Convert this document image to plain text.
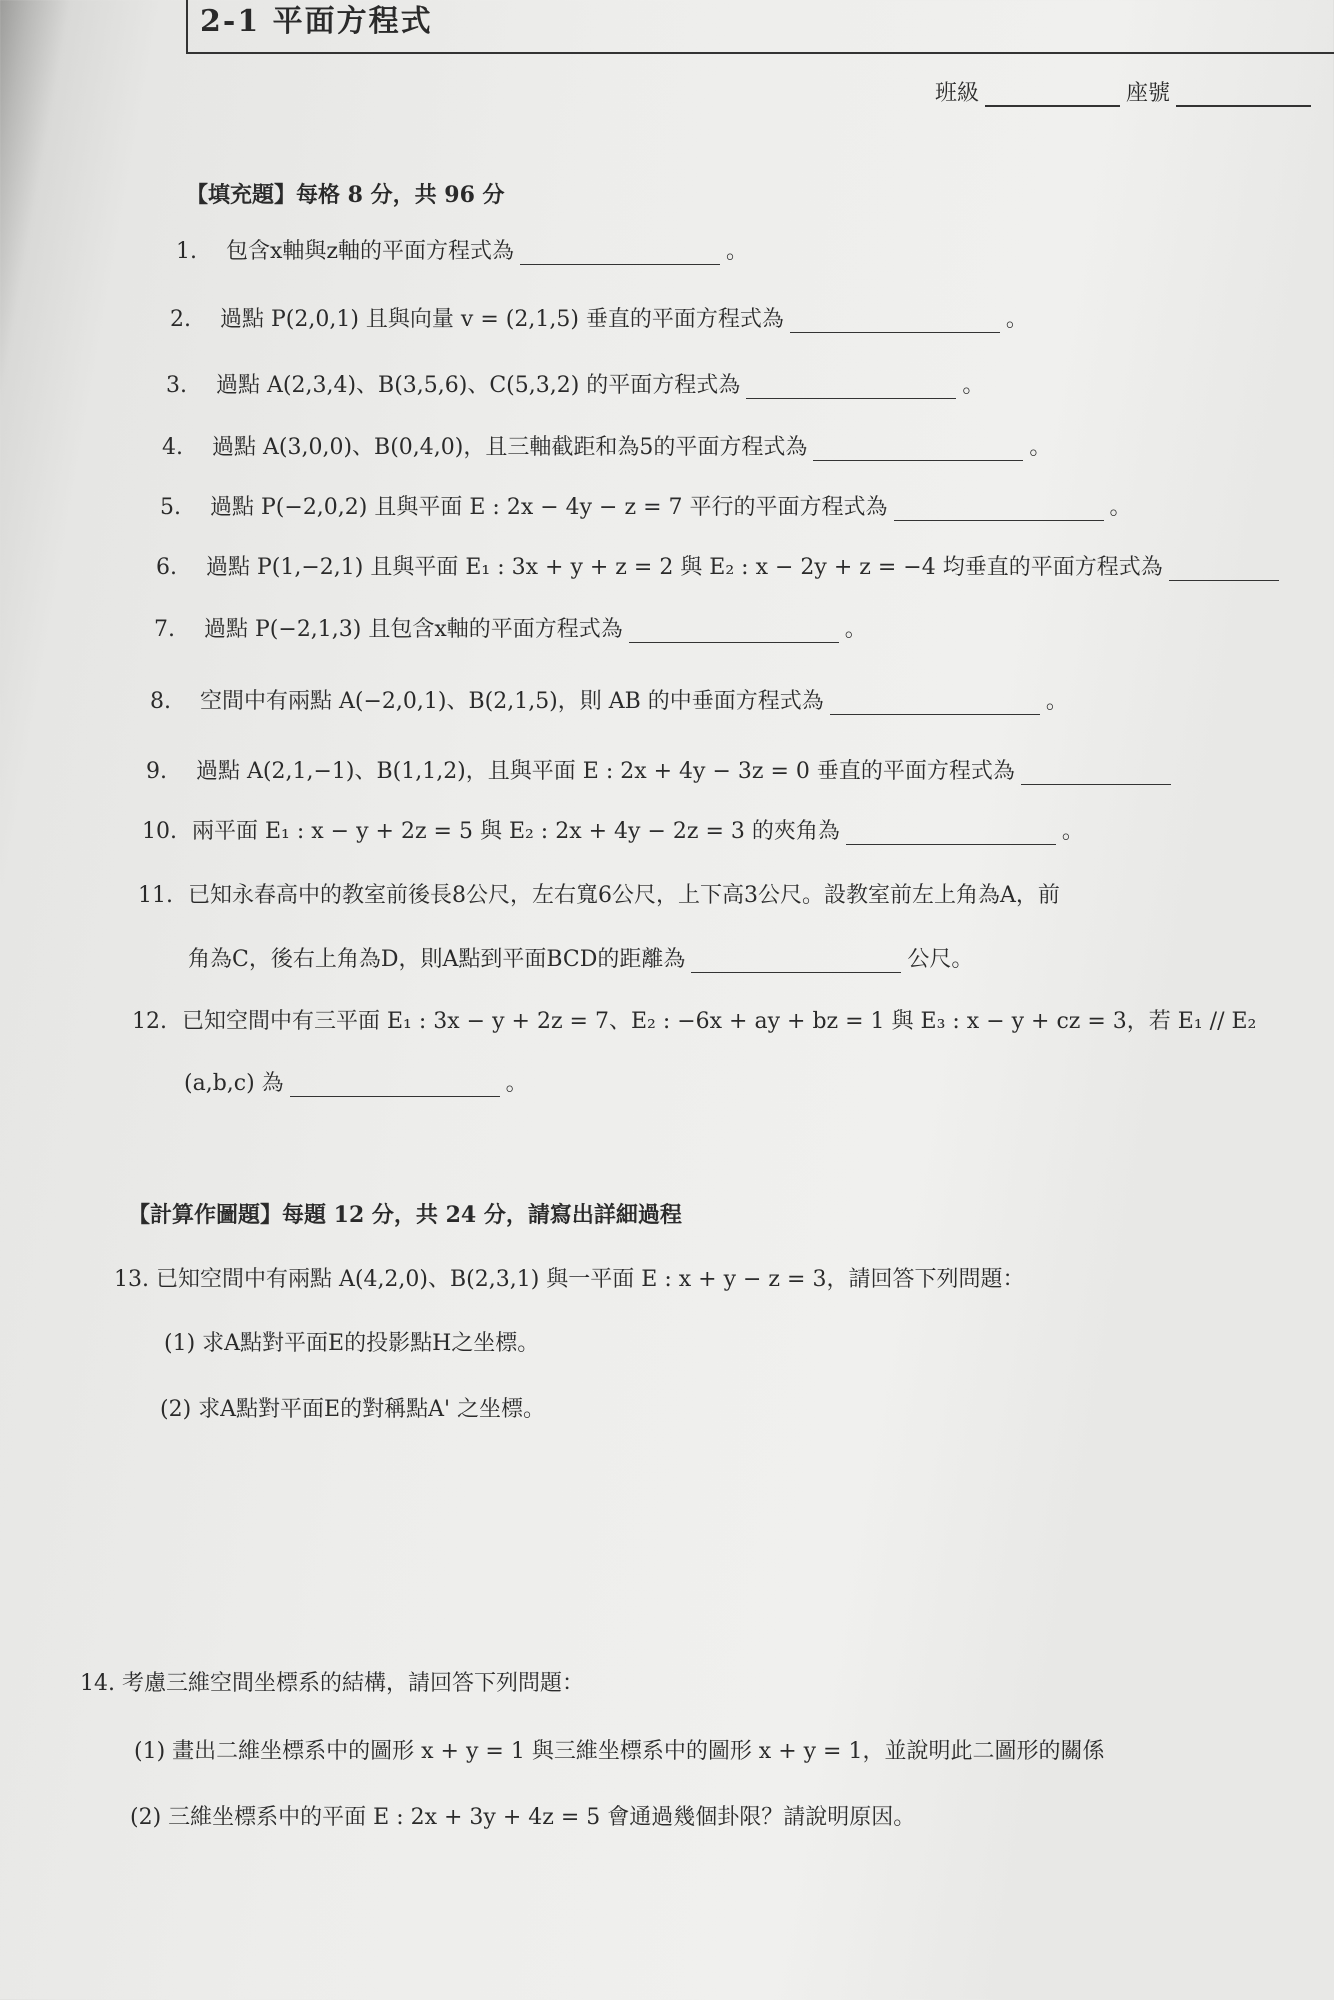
2-1 平面方程式
班級	座號
【填充題】每格 8 分，共 96 分
1. 包含x軸與z軸的平面方程式為	。
2. 過點 P(2,0,1) 且與向量 v = (2,1,5) 垂直的平面方程式為	。
3. 過點 A(2,3,4)、B(3,5,6)、C(5,3,2) 的平面方程式為	。
4. 過點 A(3,0,0)、B(0,4,0)，且三軸截距和為5的平面方程式為	。
5. 過點 P(−2,0,2) 且與平面 E : 2x − 4y − z = 7 平行的平面方程式為	。
6. 過點 P(1,−2,1) 且與平面 E₁ : 3x + y + z = 2 與 E₂ : x − 2y + z = −4 均垂直的平面方程式為
7. 過點 P(−2,1,3) 且包含x軸的平面方程式為	。
8. 空間中有兩點 A(−2,0,1)、B(2,1,5)，則 AB 的中垂面方程式為	。
9. 過點 A(2,1,−1)、B(1,1,2)，且與平面 E : 2x + 4y − 3z = 0 垂直的平面方程式為
10. 兩平面 E₁ : x − y + 2z = 5 與 E₂ : 2x + 4y − 2z = 3 的夾角為	。
11. 已知永春高中的教室前後長8公尺，左右寬6公尺，上下高3公尺。設教室前左上角為A，前
角為C，後右上角為D，則A點到平面BCD的距離為	公尺。
12. 已知空間中有三平面 E₁ : 3x − y + 2z = 7、E₂ : −6x + ay + bz = 1 與 E₃ : x − y + cz = 3，若 E₁ // E₂
(a,b,c) 為	。
【計算作圖題】每題 12 分，共 24 分，請寫出詳細過程
13. 已知空間中有兩點 A(4,2,0)、B(2,3,1) 與一平面 E : x + y − z = 3，請回答下列問題：
(1) 求A點對平面E的投影點H之坐標。
(2) 求A點對平面E的對稱點A' 之坐標。
14. 考慮三維空間坐標系的結構，請回答下列問題：
(1) 畫出二維坐標系中的圖形 x + y = 1 與三維坐標系中的圖形 x + y = 1，並說明此二圖形的關係
(2) 三維坐標系中的平面 E : 2x + 3y + 4z = 5 會通過幾個卦限？請說明原因。
